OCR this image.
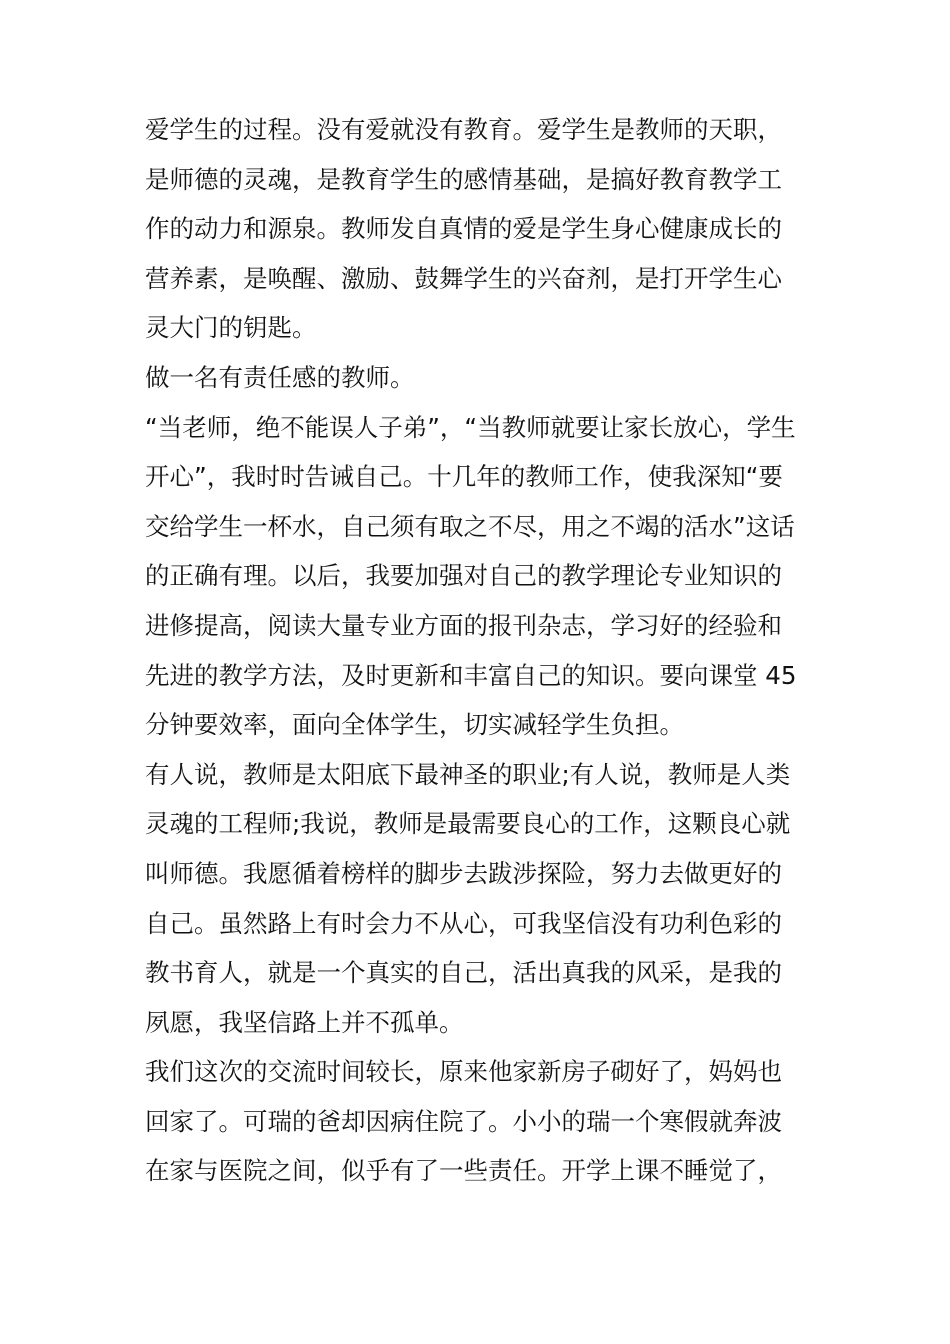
爱学生的过程。没有爱就没有教育。爱学生是教师的天职，
是师德的灵魂，是教育学生的感情基础，是搞好教育教学工
作的动力和源泉。教师发自真情的爱是学生身心健康成长的
营养素，是唤醒、激励、鼓舞学生的兴奋剂，是打开学生心
灵大门的钥匙。
做一名有责任感的教师。
“当老师，绝不能误人子弟”，“当教师就要让家长放心，学生
开心”，我时时告诫自己。十几年的教师工作，使我深知“要
交给学生一杯水，自己须有取之不尽，用之不竭的活水”这话
的正确有理。以后，我要加强对自己的教学理论专业知识的
进修提高，阅读大量专业方面的报刊杂志，学习好的经验和
先进的教学方法，及时更新和丰富自己的知识。要向课堂 45
分钟要效率，面向全体学生，切实减轻学生负担。
有人说，教师是太阳底下最神圣的职业;有人说，教师是人类
灵魂的工程师;我说，教师是最需要良心的工作，这颗良心就
叫师德。我愿循着榜样的脚步去跋涉探险，努力去做更好的
自己。虽然路上有时会力不从心，可我坚信没有功利色彩的
教书育人，就是一个真实的自己，活出真我的风采，是我的
夙愿，我坚信路上并不孤单。
我们这次的交流时间较长，原来他家新房子砌好了，妈妈也
回家了。可瑞的爸却因病住院了。小小的瑞一个寒假就奔波
在家与医院之间，似乎有了一些责任。开学上课不睡觉了，
